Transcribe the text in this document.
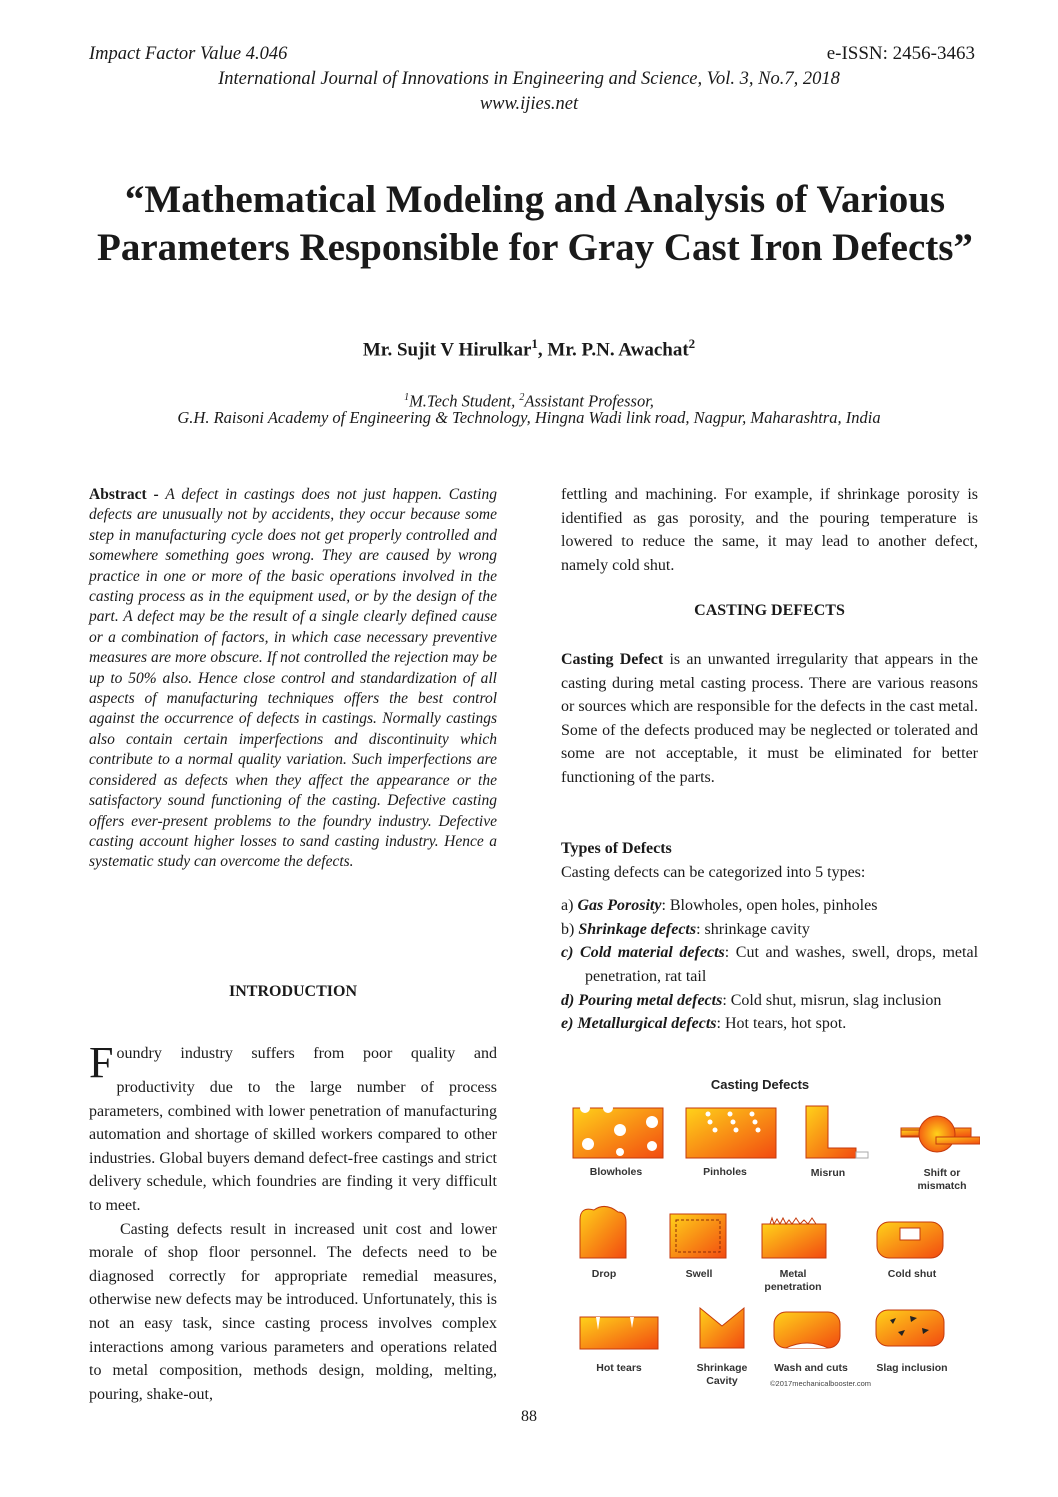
Impact Factor Value 4.046	e-ISSN: 2456-3463
International Journal of Innovations in Engineering and Science, Vol. 3, No.7, 2018
www.ijies.net
“Mathematical Modeling and Analysis of Various Parameters Responsible for Gray Cast Iron Defects”
Mr. Sujit V Hirulkar$^1$, Mr. P.N. Awachat$^2$
$^1$M.Tech Student, $^2$Assistant Professor,
G.H. Raisoni Academy of Engineering & Technology, Hingna Wadi link road, Nagpur, Maharashtra, India
Abstract - A defect in castings does not just happen. Casting defects are unusually not by accidents, they occur because some step in manufacturing cycle does not get properly controlled and somewhere something goes wrong. They are caused by wrong practice in one or more of the basic operations involved in the casting process as in the equipment used, or by the design of the part. A defect may be the result of a single clearly defined cause or a combination of factors, in which case necessary preventive measures are more obscure. If not controlled the rejection may be up to 50% also. Hence close control and standardization of all aspects of manufacturing techniques offers the best control against the occurrence of defects in castings. Normally castings also contain certain imperfections and discontinuity which contribute to a normal quality variation. Such imperfections are considered as defects when they affect the appearance or the satisfactory sound functioning of the casting. Defective casting offers ever-present problems to the foundry industry. Defective casting account higher losses to sand casting industry. Hence a systematic study can overcome the defects.
INTRODUCTION
F oundry industry suffers from poor quality and
productivity due to the large number of process parameters, combined with lower penetration of manufacturing automation and shortage of skilled workers compared to other industries. Global buyers demand defect-free castings and strict delivery schedule, which foundries are finding it very difficult to meet.
Casting defects result in increased unit cost and lower morale of shop floor personnel. The defects need to be diagnosed correctly for appropriate remedial measures, otherwise new defects may be introduced. Unfortunately, this is not an easy task, since casting process involves complex interactions among various parameters and operations related to metal composition, methods design, molding, melting, pouring, shake-out,
fettling and machining. For example, if shrinkage porosity is identified as gas porosity, and the pouring temperature is lowered to reduce the same, it may lead to another defect, namely cold shut.
CASTING DEFECTS
Casting Defect is an unwanted irregularity that appears in the casting during metal casting process. There are various reasons or sources which are responsible for the defects in the cast metal. Some of the defects produced may be neglected or tolerated and some are not acceptable, it must be eliminated for better functioning of the parts.
Types of Defects
Casting defects can be categorized into 5 types:
a) Gas Porosity: Blowholes, open holes, pinholes
b) Shrinkage defects: shrinkage cavity
c) Cold material defects: Cut and washes, swell, drops, metal penetration, rat tail
d) Pouring metal defects: Cold shut, misrun, slag inclusion
e) Metallurgical defects: Hot tears, hot spot.
Casting Defects
Blowholes	Pinholes	Misrun	Shift or
mismatch
Drop	Swell	Metal
penetration
Cold shut
Hot tears	Shrinkage
Cavity
Wash and cuts	Slag inclusion
©2017mechanicalbooster.com
88
